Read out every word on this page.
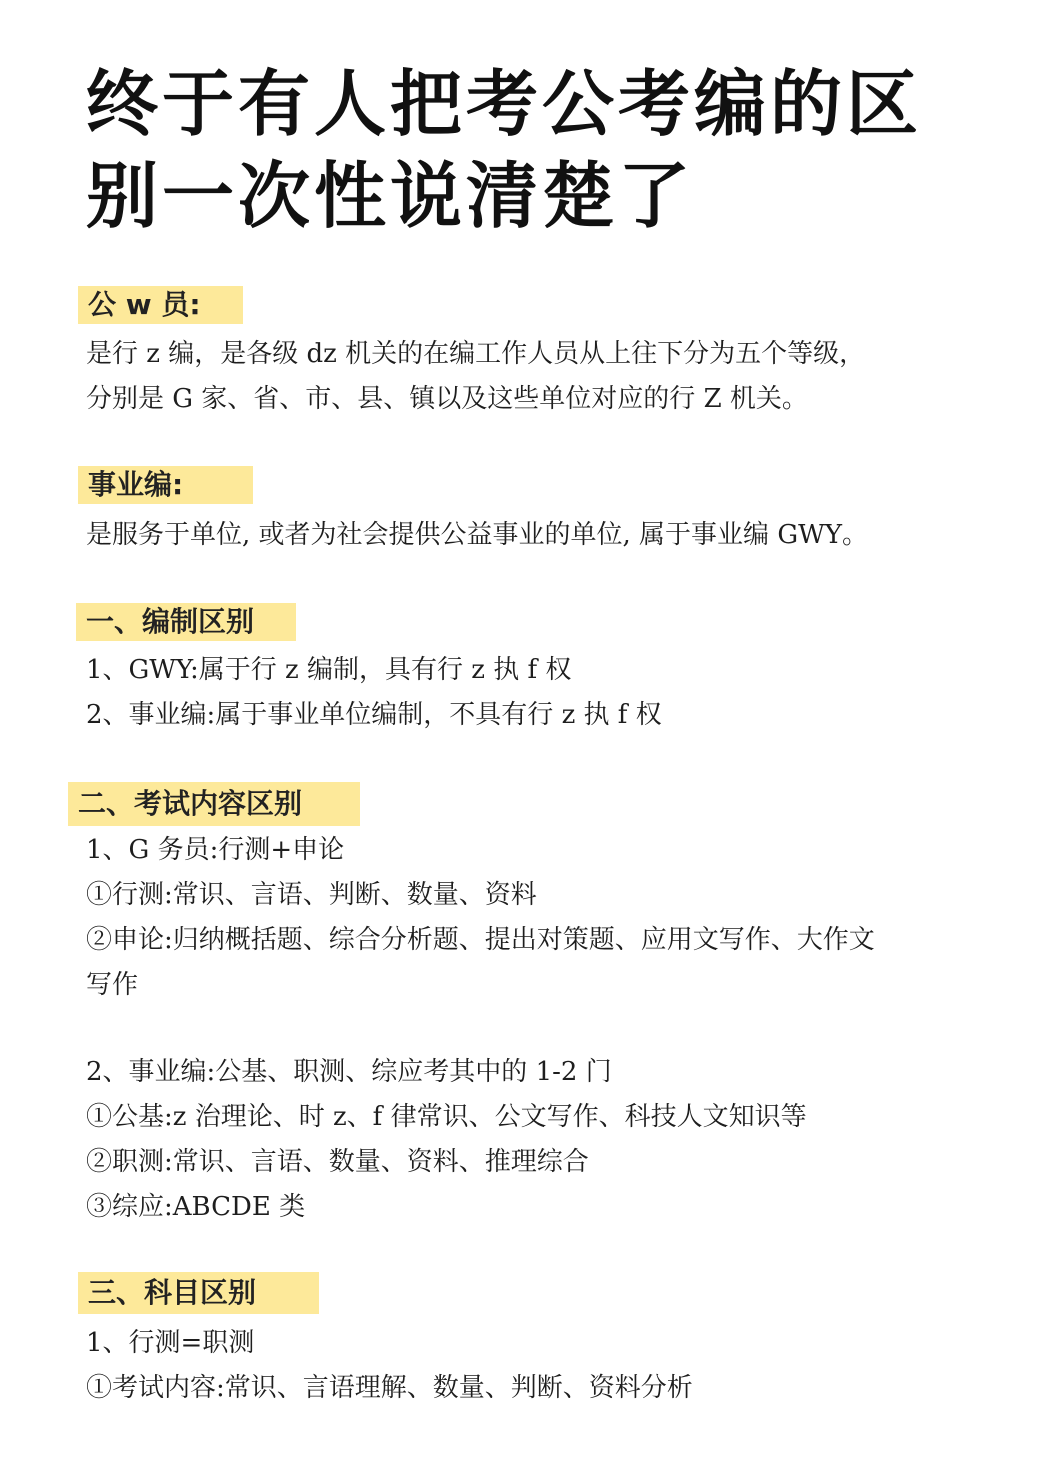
终于有人把考公考编的区
别一次性说清楚了
公 w 员:
是行 z 编，是各级 dz 机关的在编工作人员从上往下分为五个等级，
分别是 G 家、省、市、县、镇以及这些单位对应的行 Z 机关。
事业编:
是服务于单位, 或者为社会提供公益事业的单位, 属于事业编 GWY。
一、编制区别
1、GWY:属于行 z 编制，具有行 z 执 f 权
2、事业编:属于事业单位编制，不具有行 z 执 f 权
二、考试内容区别
1、G 务员:行测+申论
①行测:常识、言语、判断、数量、资料
②申论:归纳概括题、综合分析题、提出对策题、应用文写作、大作文
写作
2、事业编:公基、职测、综应考其中的 1-2 门
①公基:z 治理论、时 z、f 律常识、公文写作、科技人文知识等
②职测:常识、言语、数量、资料、推理综合
③综应:ABCDE 类
三、科目区别
1、行测=职测
①考试内容:常识、言语理解、数量、判断、资料分析
